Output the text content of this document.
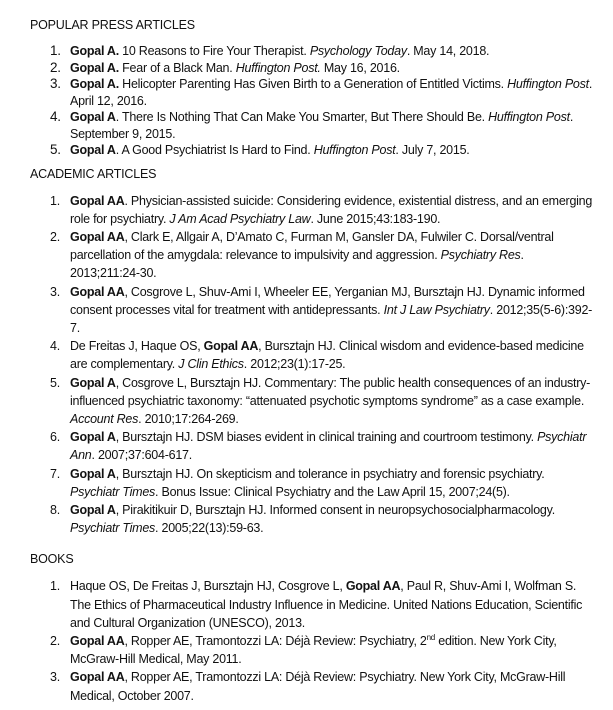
POPULAR PRESS ARTICLES
1. Gopal A. 10 Reasons to Fire Your Therapist. Psychology Today. May 14, 2018.
2. Gopal A. Fear of a Black Man. Huffington Post. May 16, 2016.
3. Gopal A. Helicopter Parenting Has Given Birth to a Generation of Entitled Victims. Huffington Post. April 12, 2016.
4. Gopal A. There Is Nothing That Can Make You Smarter, But There Should Be. Huffington Post. September 9, 2015.
5. Gopal A. A Good Psychiatrist Is Hard to Find. Huffington Post. July 7, 2015.
ACADEMIC ARTICLES
1. Gopal AA. Physician-assisted suicide: Considering evidence, existential distress, and an emerging role for psychiatry. J Am Acad Psychiatry Law. June 2015;43:183-190.
2. Gopal AA, Clark E, Allgair A, D’Amato C, Furman M, Gansler DA, Fulwiler C. Dorsal/ventral parcellation of the amygdala: relevance to impulsivity and aggression. Psychiatry Res. 2013;211:24-30.
3. Gopal AA, Cosgrove L, Shuv-Ami I, Wheeler EE, Yerganian MJ, Bursztajn HJ. Dynamic informed consent processes vital for treatment with antidepressants. Int J Law Psychiatry. 2012;35(5-6):392-7.
4. De Freitas J, Haque OS, Gopal AA, Bursztajn HJ. Clinical wisdom and evidence-based medicine are complementary. J Clin Ethics. 2012;23(1):17-25.
5. Gopal A, Cosgrove L, Bursztajn HJ. Commentary: The public health consequences of an industry-influenced psychiatric taxonomy: “attenuated psychotic symptoms syndrome” as a case example. Account Res. 2010;17:264-269.
6. Gopal A, Bursztajn HJ. DSM biases evident in clinical training and courtroom testimony. Psychiatr Ann. 2007;37:604-617.
7. Gopal A, Bursztajn HJ. On skepticism and tolerance in psychiatry and forensic psychiatry. Psychiatr Times. Bonus Issue: Clinical Psychiatry and the Law April 15, 2007;24(5).
8. Gopal A, Pirakitikuir D, Bursztajn HJ. Informed consent in neuropsychosocialpharmacology. Psychiatr Times. 2005;22(13):59-63.
BOOKS
1. Haque OS, De Freitas J, Bursztajn HJ, Cosgrove L, Gopal AA, Paul R, Shuv-Ami I, Wolfman S. The Ethics of Pharmaceutical Industry Influence in Medicine. United Nations Education, Scientific and Cultural Organization (UNESCO), 2013.
2. Gopal AA, Ropper AE, Tramontozzi LA: Déjà Review: Psychiatry, 2nd edition. New York City, McGraw-Hill Medical, May 2011.
3. Gopal AA, Ropper AE, Tramontozzi LA: Déjà Review: Psychiatry. New York City, McGraw-Hill Medical, October 2007.
